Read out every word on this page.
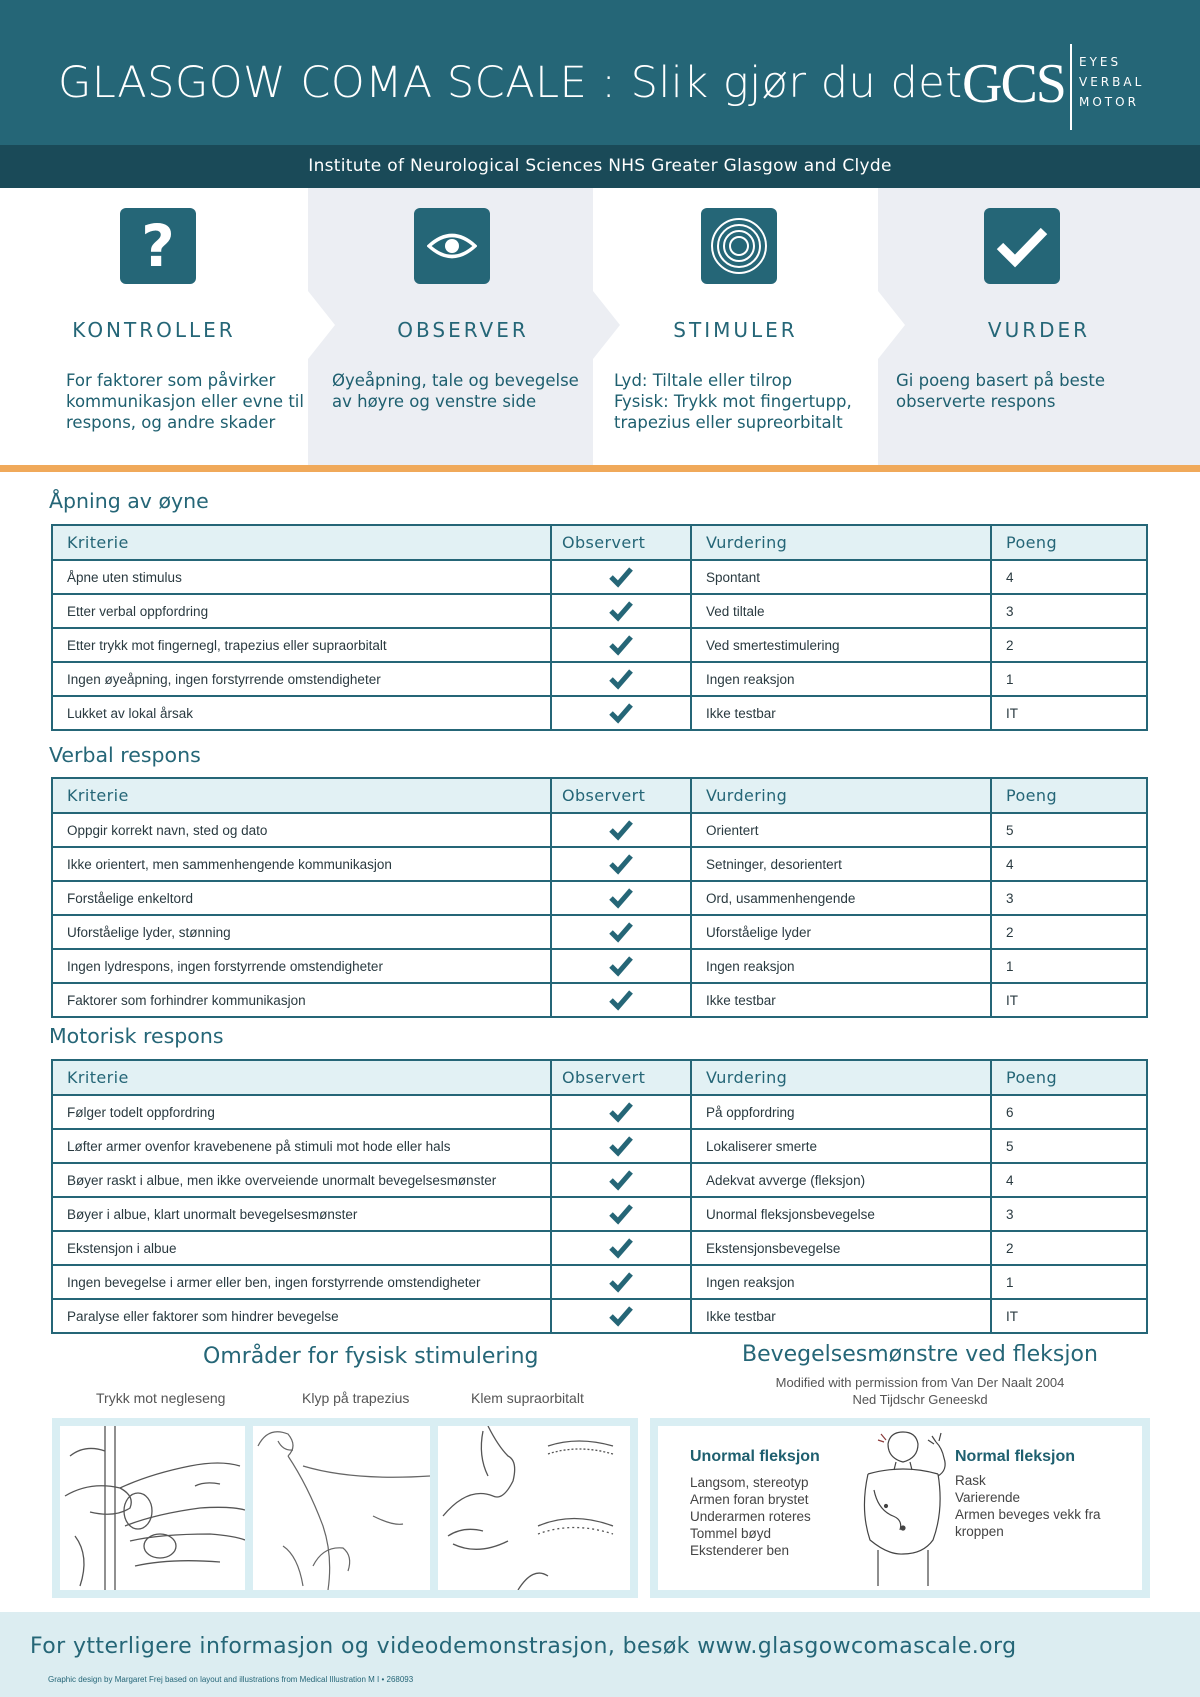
GLASGOW COMA SCALE : Slik gjør du det GCS EYES
VERBAL
MOTOR
Institute of Neurological Sciences NHS Greater Glasgow and Clyde
?
KONTROLLER
For faktorer som påvirker kommunikasjon eller evne til respons, og andre skader
OBSERVER
Øyeåpning, tale og bevegelse av høyre og venstre side
STIMULER
Lyd: Tiltale eller tilrop
Fysisk: Trykk mot fingertupp, trapezius eller supreorbitalt
VURDER
Gi poeng basert på beste observerte respons
Åpning av øyne
Kriterie	Observert	Vurdering	Poeng
Åpne uten stimulus		Spontant	4
Etter verbal oppfordring		Ved tiltale	3
Etter trykk mot fingernegl, trapezius eller supraorbitalt		Ved smertestimulering	2
Ingen øyeåpning, ingen forstyrrende omstendigheter		Ingen reaksjon	1
Lukket av lokal årsak		Ikke testbar	IT
Verbal respons
Kriterie	Observert	Vurdering	Poeng
Oppgir korrekt navn, sted og dato		Orientert	5
Ikke orientert, men sammenhengende kommunikasjon		Setninger, desorientert	4
Forståelige enkeltord		Ord, usammenhengende	3
Uforståelige lyder, stønning		Uforståelige lyder	2
Ingen lydrespons, ingen forstyrrende omstendigheter		Ingen reaksjon	1
Faktorer som forhindrer kommunikasjon		Ikke testbar	IT
Motorisk respons
Kriterie	Observert	Vurdering	Poeng
Følger todelt oppfordring		På oppfordring	6
Løfter armer ovenfor kravebenene på stimuli mot hode eller hals		Lokaliserer smerte	5
Bøyer raskt i albue, men ikke overveiende unormalt bevegelsesmønster		Adekvat avverge (fleksjon)	4
Bøyer i albue, klart unormalt bevegelsesmønster		Unormal fleksjonsbevegelse	3
Ekstensjon i albue		Ekstensjonsbevegelse	2
Ingen bevegelse i armer eller ben, ingen forstyrrende omstendigheter		Ingen reaksjon	1
Paralyse eller faktorer som hindrer bevegelse		Ikke testbar	IT
Områder for fysisk stimulering
Trykk mot negleseng	Klyp på trapezius	Klem supraorbitalt
Bevegelsesmønstre ved fleksjon
Modified with permission from Van Der Naalt 2004
Ned Tijdschr Geneeskd
Unormal fleksjon
Langsom, stereotyp
Armen foran brystet
Underarmen roteres
Tommel bøyd
Ekstenderer ben
Normal fleksjon
Rask
Varierende
Armen beveges vekk fra
kroppen
For ytterligere informasjon og videodemonstrasjon, besøk www.glasgowcomascale.org
Graphic design by Margaret Frej based on layout and illustrations from Medical Illustration M I • 268093
